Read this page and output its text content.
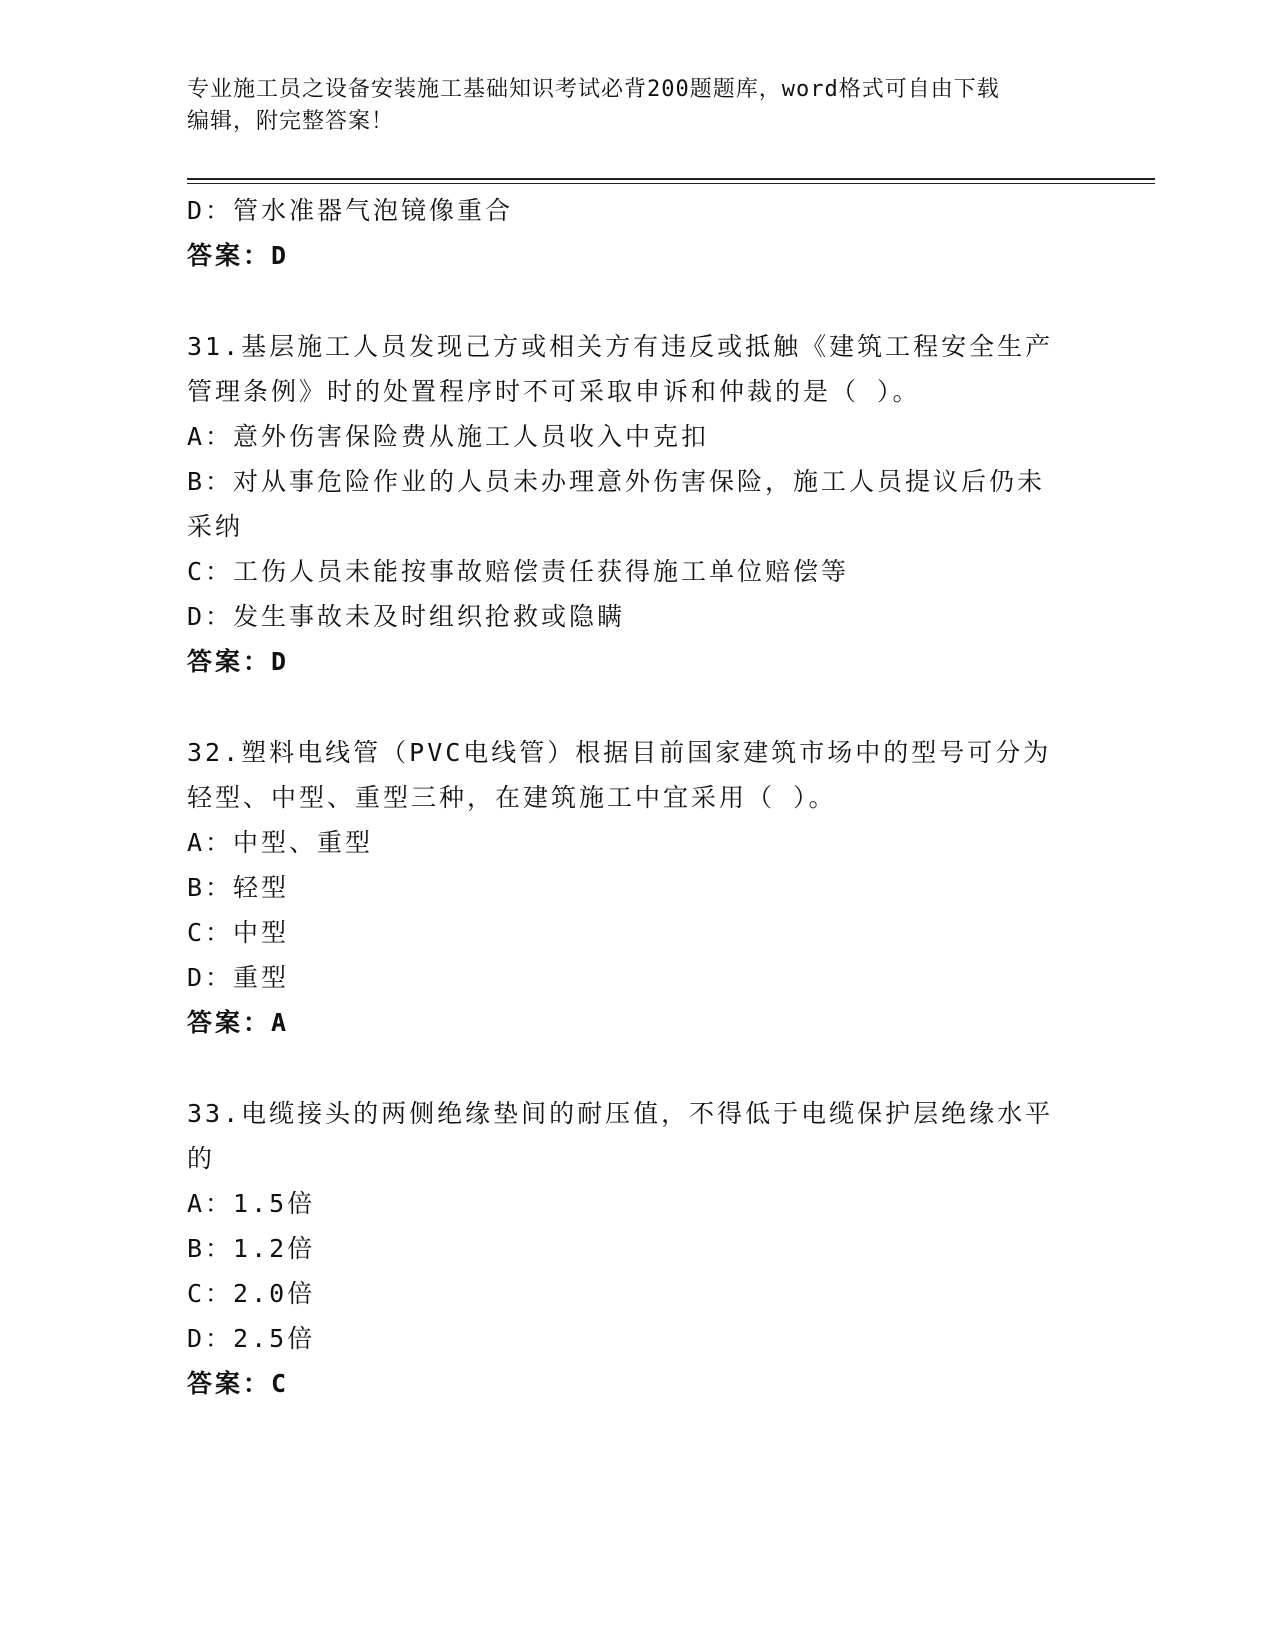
专业施工员之设备安装施工基础知识考试必背200题题库，word格式可自由下载
编辑，附完整答案！
D：管水准器气泡镜像重合
答案：D
31.基层施工人员发现己方或相关方有违反或抵触《建筑工程安全生产
管理条例》时的处置程序时不可采取申诉和仲裁的是（ ）。
A：意外伤害保险费从施工人员收入中克扣
B：对从事危险作业的人员未办理意外伤害保险，施工人员提议后仍未
采纳
C：工伤人员未能按事故赔偿责任获得施工单位赔偿等
D：发生事故未及时组织抢救或隐瞒
答案：D
32.塑料电线管（PVC电线管）根据目前国家建筑市场中的型号可分为
轻型、中型、重型三种，在建筑施工中宜采用（ ）。
A：中型、重型
B：轻型
C：中型
D：重型
答案：A
33.电缆接头的两侧绝缘垫间的耐压值，不得低于电缆保护层绝缘水平
的
A：1.5倍
B：1.2倍
C：2.0倍
D：2.5倍
答案：C
